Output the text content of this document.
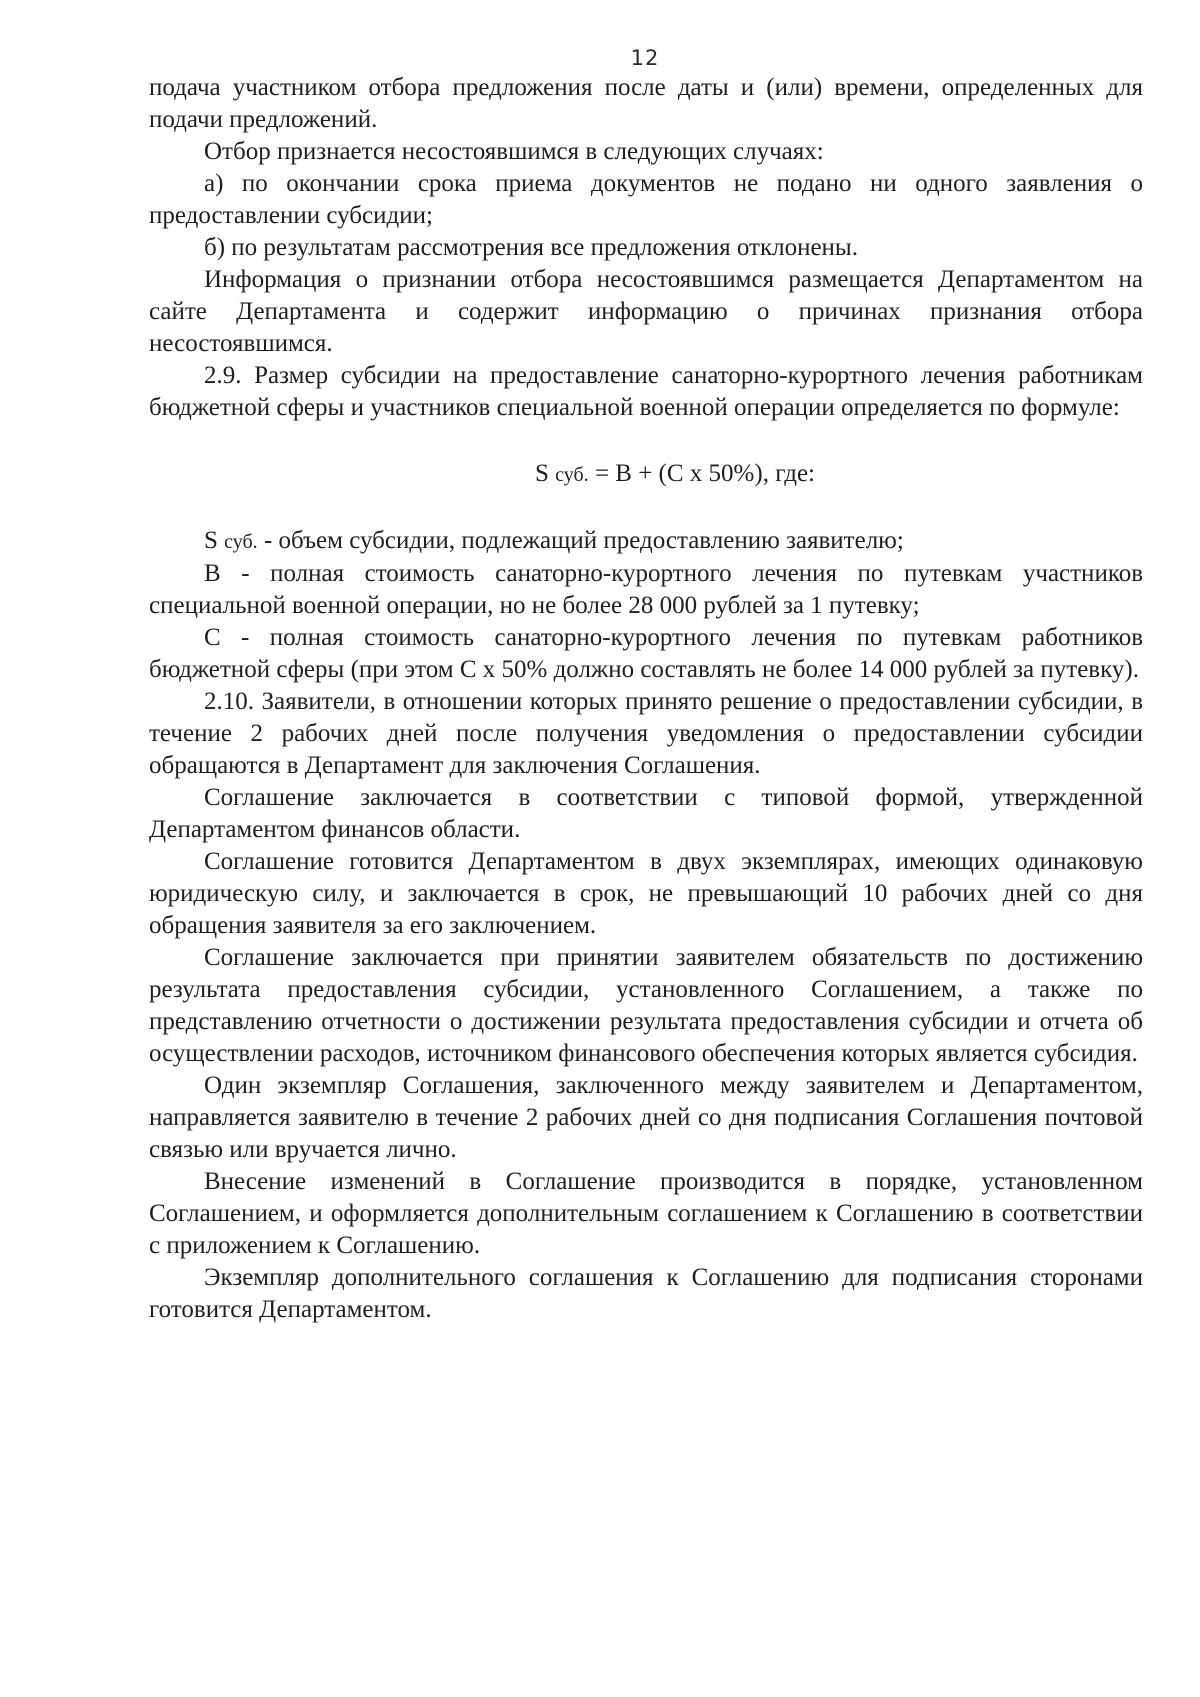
12

подача участником отбора предложения после даты и (или) времени, определенных для подачи предложений.

Отбор признается несостоявшимся в следующих случаях:

а) по окончании срока приема документов не подано ни одного заявления о предоставлении субсидии;

б) по результатам рассмотрения все предложения отклонены.

Информация о признании отбора несостоявшимся размещается Департаментом на сайте Департамента и содержит информацию о причинах признания отбора несостоявшимся.

2.9. Размер субсидии на предоставление санаторно-курортного лечения работникам бюджетной сферы и участников специальной военной операции определяется по формуле:

S суб. = В + (С х 50%), где:

S суб. - объем субсидии, подлежащий предоставлению заявителю;

В - полная стоимость санаторно-курортного лечения по путевкам участников специальной военной операции, но не более 28 000 рублей за 1 путевку;

С - полная стоимость санаторно-курортного лечения по путевкам работников бюджетной сферы (при этом С х 50% должно составлять не более 14 000 рублей за путевку).

2.10. Заявители, в отношении которых принято решение о предоставлении субсидии, в течение 2 рабочих дней после получения уведомления о предоставлении субсидии обращаются в Департамент для заключения Соглашения.

Соглашение заключается в соответствии с типовой формой, утвержденной Департаментом финансов области.

Соглашение готовится Департаментом в двух экземплярах, имеющих одинаковую юридическую силу, и заключается в срок, не превышающий 10 рабочих дней со дня обращения заявителя за его заключением.

Соглашение заключается при принятии заявителем обязательств по достижению результата предоставления субсидии, установленного Соглашением, а также по представлению отчетности о достижении результата предоставления субсидии и отчета об осуществлении расходов, источником финансового обеспечения которых является субсидия.

Один экземпляр Соглашения, заключенного между заявителем и Департаментом, направляется заявителю в течение 2 рабочих дней со дня подписания Соглашения почтовой связью или вручается лично.

Внесение изменений в Соглашение производится в порядке, установленном Соглашением, и оформляется дополнительным соглашением к Соглашению в соответствии с приложением к Соглашению.

Экземпляр дополнительного соглашения к Соглашению для подписания сторонами готовится Департаментом.
